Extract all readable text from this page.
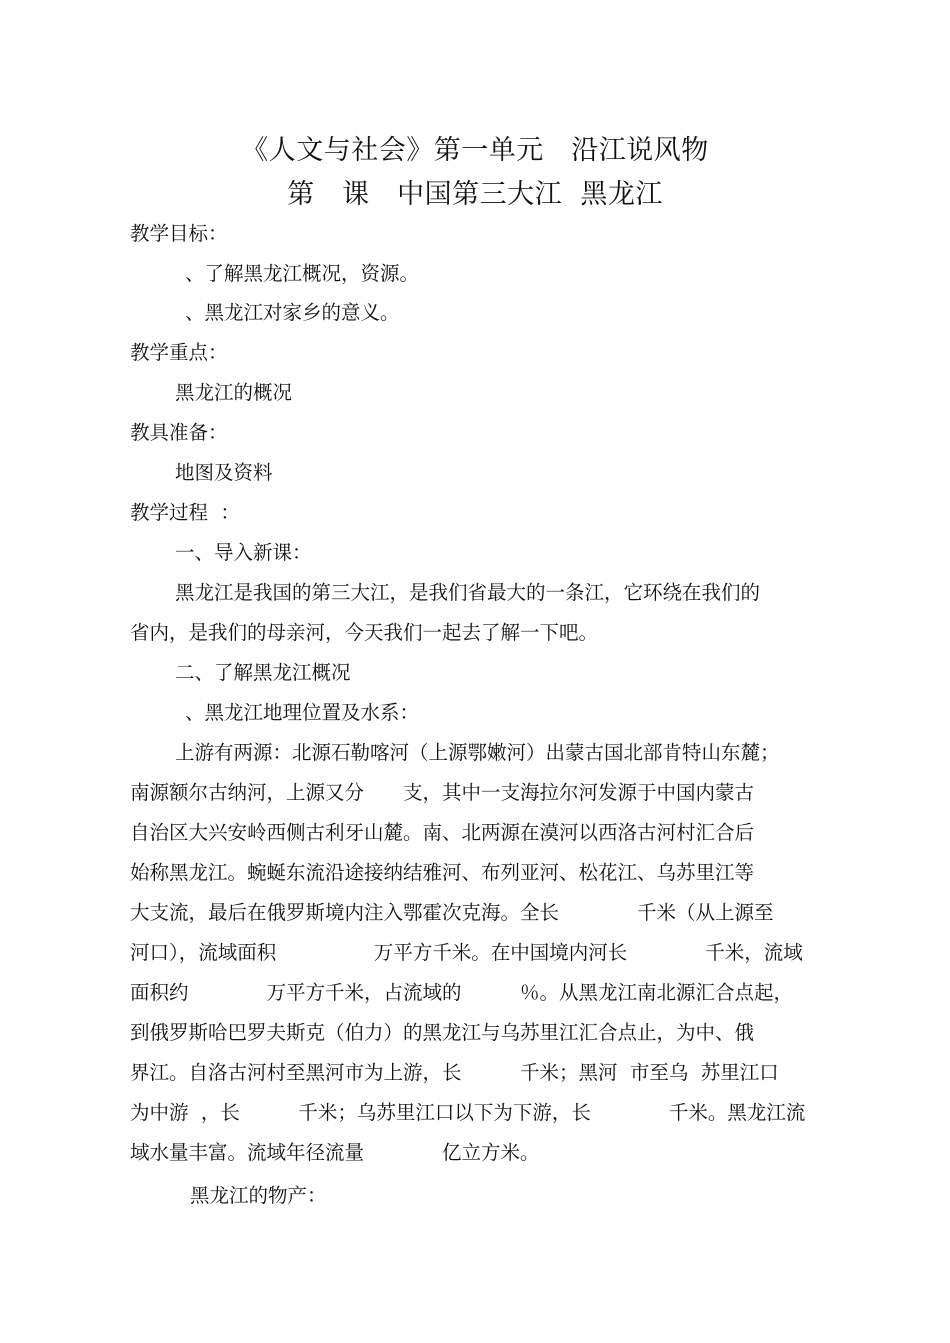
《人文与社会》第一单元　沿江说风物
第　课　中国第三大江  黑龙江
教学目标：
、了解黑龙江概况，资源。
、黑龙江对家乡的意义。
教学重点：
黑龙江的概况
教具准备：
地图及资料
教学过程  ：
一、导入新课：
黑龙江是我国的第三大江，是我们省最大的一条江，它环绕在我们的
省内，是我们的母亲河，今天我们一起去了解一下吧。
二、了解黑龙江概况
、黑龙江地理位置及水系：
上游有两源：北源石勒喀河（上源鄂嫩河）出蒙古国北部肯特山东麓；
南源额尔古纳河，上源又分　　支，其中一支海拉尔河发源于中国内蒙古
自治区大兴安岭西侧古利牙山麓。南、北两源在漠河以西洛古河村汇合后
始称黑龙江。蜿蜒东流沿途接纳结雅河、布列亚河、松花江、乌苏里江等
大支流，最后在俄罗斯境内注入鄂霍次克海。全长　　　　千米（从上源至
河口），流域面积　　　　　万平方千米。在中国境内河长　　　　千米，流域
面积约　　　　万平方千米，占流域的　　　％。从黑龙江南北源汇合点起，
到俄罗斯哈巴罗夫斯克（伯力）的黑龙江与乌苏里江汇合点止，为中、俄
界江。自洛古河村至黑河市为上游，长　　　千米；黑河  市至乌  苏里江口
为中游  ，长　　　千米；乌苏里江口以下为下游，长　　　　千米。黑龙江流
域水量丰富。流域年径流量　　　　亿立方米。
黑龙江的物产：
